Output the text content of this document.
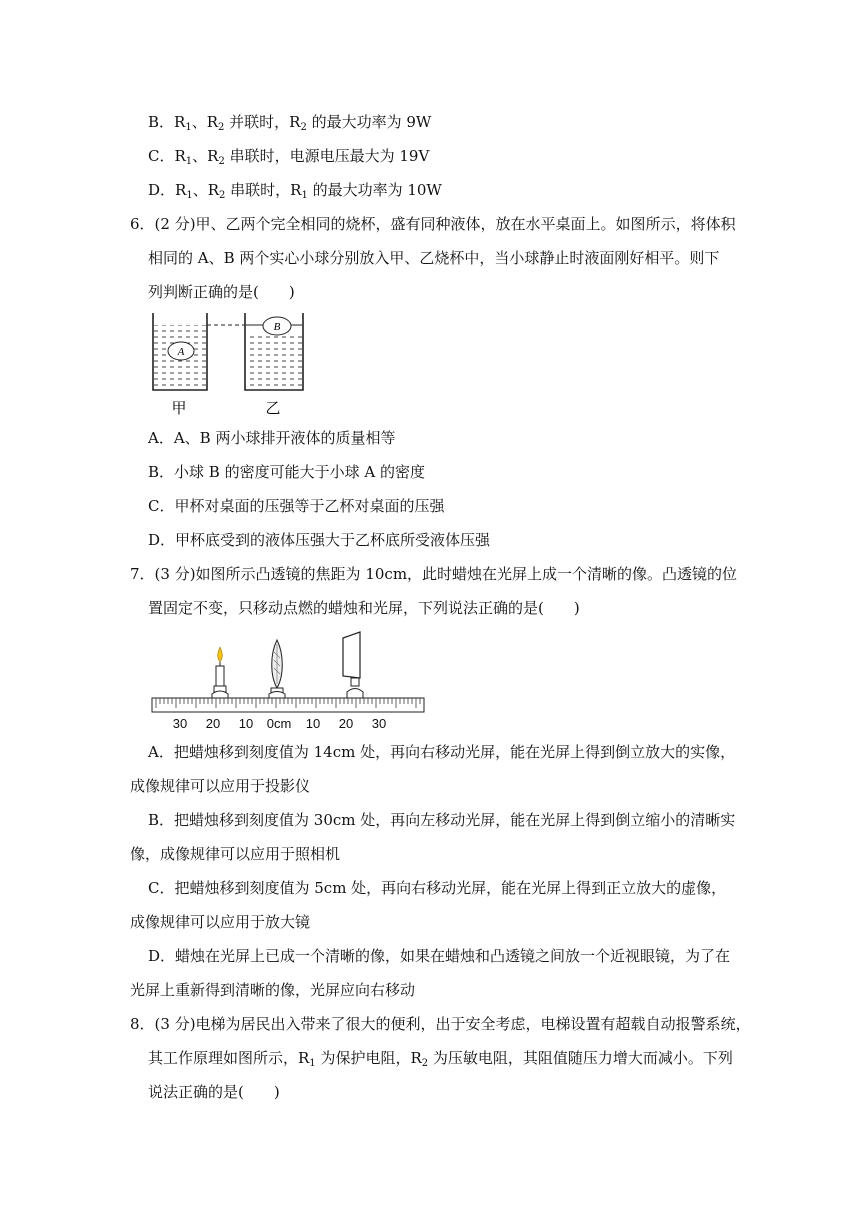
B．$R_1$、$R_2$ 并联时，$R_2$ 的最大功率为 9W
C．$R_1$、$R_2$ 串联时，电源电压最大为 19V
D．$R_1$、$R_2$ 串联时，$R_1$ 的最大功率为 10W
6．(2 分)甲、乙两个完全相同的烧杯，盛有同种液体，放在水平桌面上。如图所示，将体积
相同的 A、B 两个实心小球分别放入甲、乙烧杯中，当小球静止时液面刚好相平。则下
列判断正确的是(　　)
A
B
甲	乙
A．A、B 两小球排开液体的质量相等
B．小球 B 的密度可能大于小球 A 的密度
C．甲杯对桌面的压强等于乙杯对桌面的压强
D．甲杯底受到的液体压强大于乙杯底所受液体压强
7．(3 分)如图所示凸透镜的焦距为 10cm，此时蜡烛在光屏上成一个清晰的像。凸透镜的位
置固定不变，只移动点燃的蜡烛和光屏，下列说法正确的是(　　)
30 20 10 0cm 10 20 30
A．把蜡烛移到刻度值为 14cm 处，再向右移动光屏，能在光屏上得到倒立放大的实像，
成像规律可以应用于投影仪
B．把蜡烛移到刻度值为 30cm 处，再向左移动光屏，能在光屏上得到倒立缩小的清晰实
像，成像规律可以应用于照相机
C．把蜡烛移到刻度值为 5cm 处，再向右移动光屏，能在光屏上得到正立放大的虚像，
成像规律可以应用于放大镜
D．蜡烛在光屏上已成一个清晰的像，如果在蜡烛和凸透镜之间放一个近视眼镜，为了在
光屏上重新得到清晰的像，光屏应向右移动
8．(3 分)电梯为居民出入带来了很大的便利，出于安全考虑，电梯设置有超载自动报警系统，
其工作原理如图所示，$R_1$ 为保护电阻，$R_2$ 为压敏电阻，其阻值随压力增大而减小。下列
说法正确的是(　　)
